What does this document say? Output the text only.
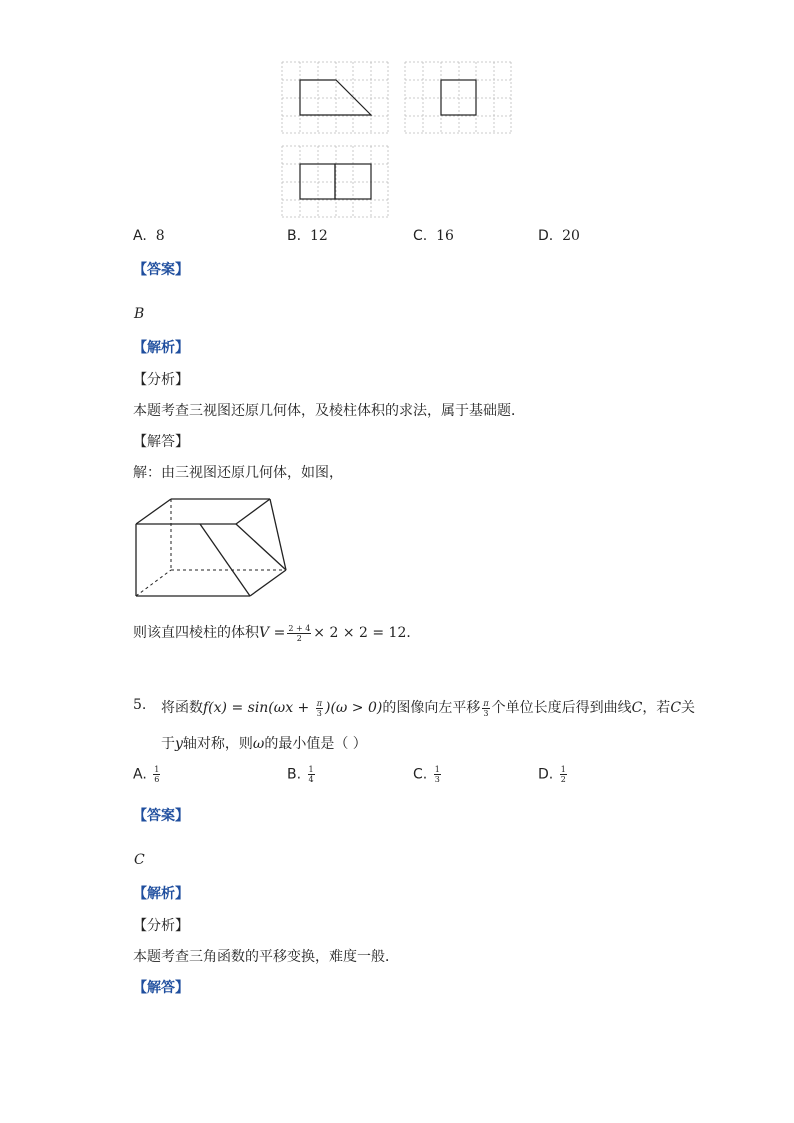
A. 8	B. 12	C. 16	D. 20
【答案】
B
【解析】
【分析】
本题考查三视图还原几何体，及棱柱体积的求法，属于基础题．
【解答】
解：由三视图还原几何体，如图，
则该直四棱柱的体积$V = \frac{2 + 4}{2} \times 2 \times 2 = 12$．
5. 将函数$f(x) = \sin(\omega x + \frac{\pi}{3} )(\omega > 0)$的图像向左平移 $\frac{\pi}{3}$ 个单位长度后得到曲线C，若C关
于y轴对称，则ω的最小值是（ ）
A. $\frac{1}{6}$	B. $\frac{1}{4}$	C. $\frac{1}{3}$	D. $\frac{1}{2}$
【答案】
C
【解析】
【分析】
本题考查三角函数的平移变换，难度一般．
【解答】
